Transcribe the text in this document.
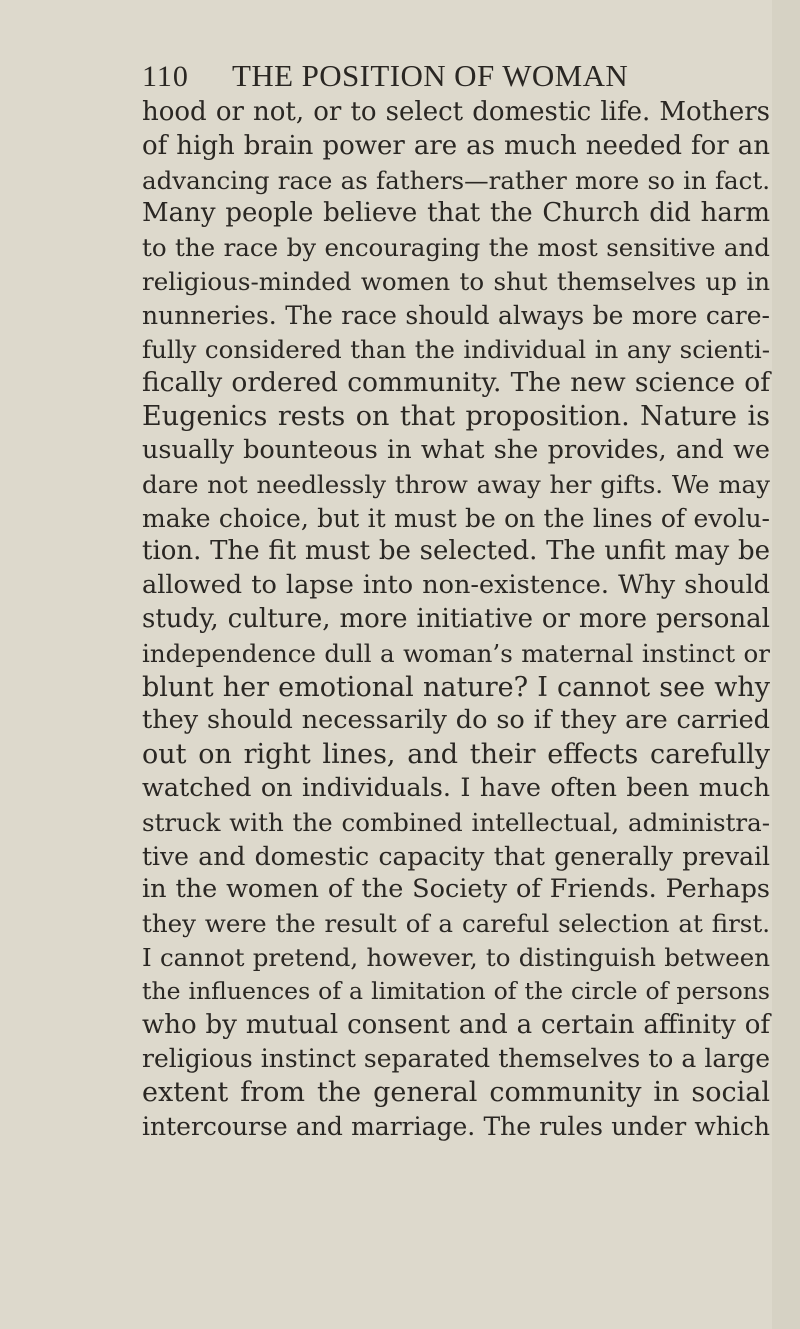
110 THE POSITION OF WOMAN
hood or not, or to select domestic life. Mothers
of high brain power are as much needed for an
advancing race as fathers—rather more so in fact.
Many people believe that the Church did harm
to the race by encouraging the most sensitive and
religious-minded women to shut themselves up in
nunneries. The race should always be more care-
fully considered than the individual in any scienti-
fically ordered community. The new science of
Eugenics rests on that proposition. Nature is
usually bounteous in what she provides, and we
dare not needlessly throw away her gifts. We may
make choice, but it must be on the lines of evolu-
tion. The fit must be selected. The unfit may be
allowed to lapse into non-existence. Why should
study, culture, more initiative or more personal
independence dull a woman’s maternal instinct or
blunt her emotional nature? I cannot see why
they should necessarily do so if they are carried
out on right lines, and their effects carefully
watched on individuals. I have often been much
struck with the combined intellectual, administra-
tive and domestic capacity that generally prevail
in the women of the Society of Friends. Perhaps
they were the result of a careful selection at first.
I cannot pretend, however, to distinguish between
the influences of a limitation of the circle of persons
who by mutual consent and a certain affinity of
religious instinct separated themselves to a large
extent from the general community in social
intercourse and marriage. The rules under which
